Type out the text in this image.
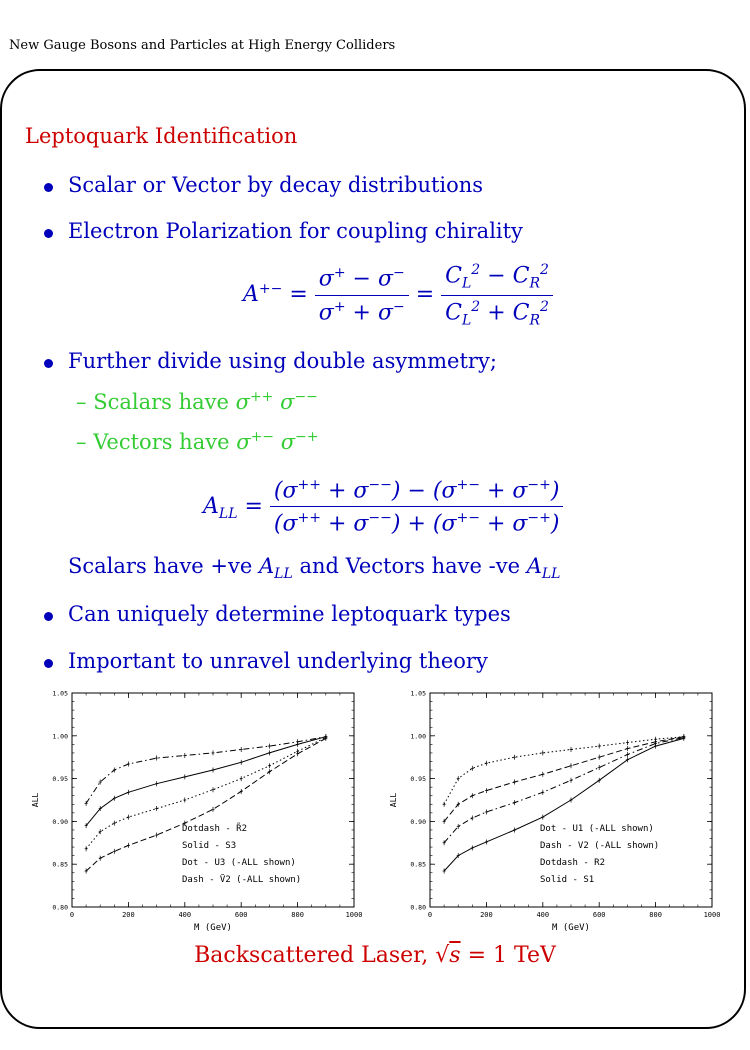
New Gauge Bosons and Particles at High Energy Colliders
Leptoquark Identification
Scalar or Vector by decay distributions
Electron Polarization for coupling chirality
$A^{+-} = \frac{\sigma^+ - \sigma^-}{\sigma^+ + \sigma^-} = \frac{C_L^2 - C_R^2}{C_L^2 + C_R^2}$
Further divide using double asymmetry;
– Scalars have σ++ σ−−
– Vectors have σ+− σ−+
$A_{LL} = \frac{(\sigma^{++} + \sigma^{--}) - (\sigma^{+-} + \sigma^{-+})}{(\sigma^{++} + \sigma^{--}) + (\sigma^{+-} + \sigma^{-+})}$
Scalars have +ve $A_{LL}$ and Vectors have -ve $A_{LL}$
Can uniquely determine leptoquark types
Important to unravel underlying theory
0	200	400	600	800	1000
0.80
0.85
0.90
0.95
1.00
1.05
M (GeV)
ALL
Dotdash - R̃2
Solid - S3
Dot - U3 (-ALL shown)
Dash - Ṽ2 (-ALL shown)
0	200	400	600	800	1000
0.80
0.85
0.90
0.95
1.00
1.05
M (GeV)
ALL
Dot - U1 (-ALL shown)
Dash - V2 (-ALL shown)
Dotdash - R2
Solid - S1
Backscattered Laser, √s = 1 TeV
